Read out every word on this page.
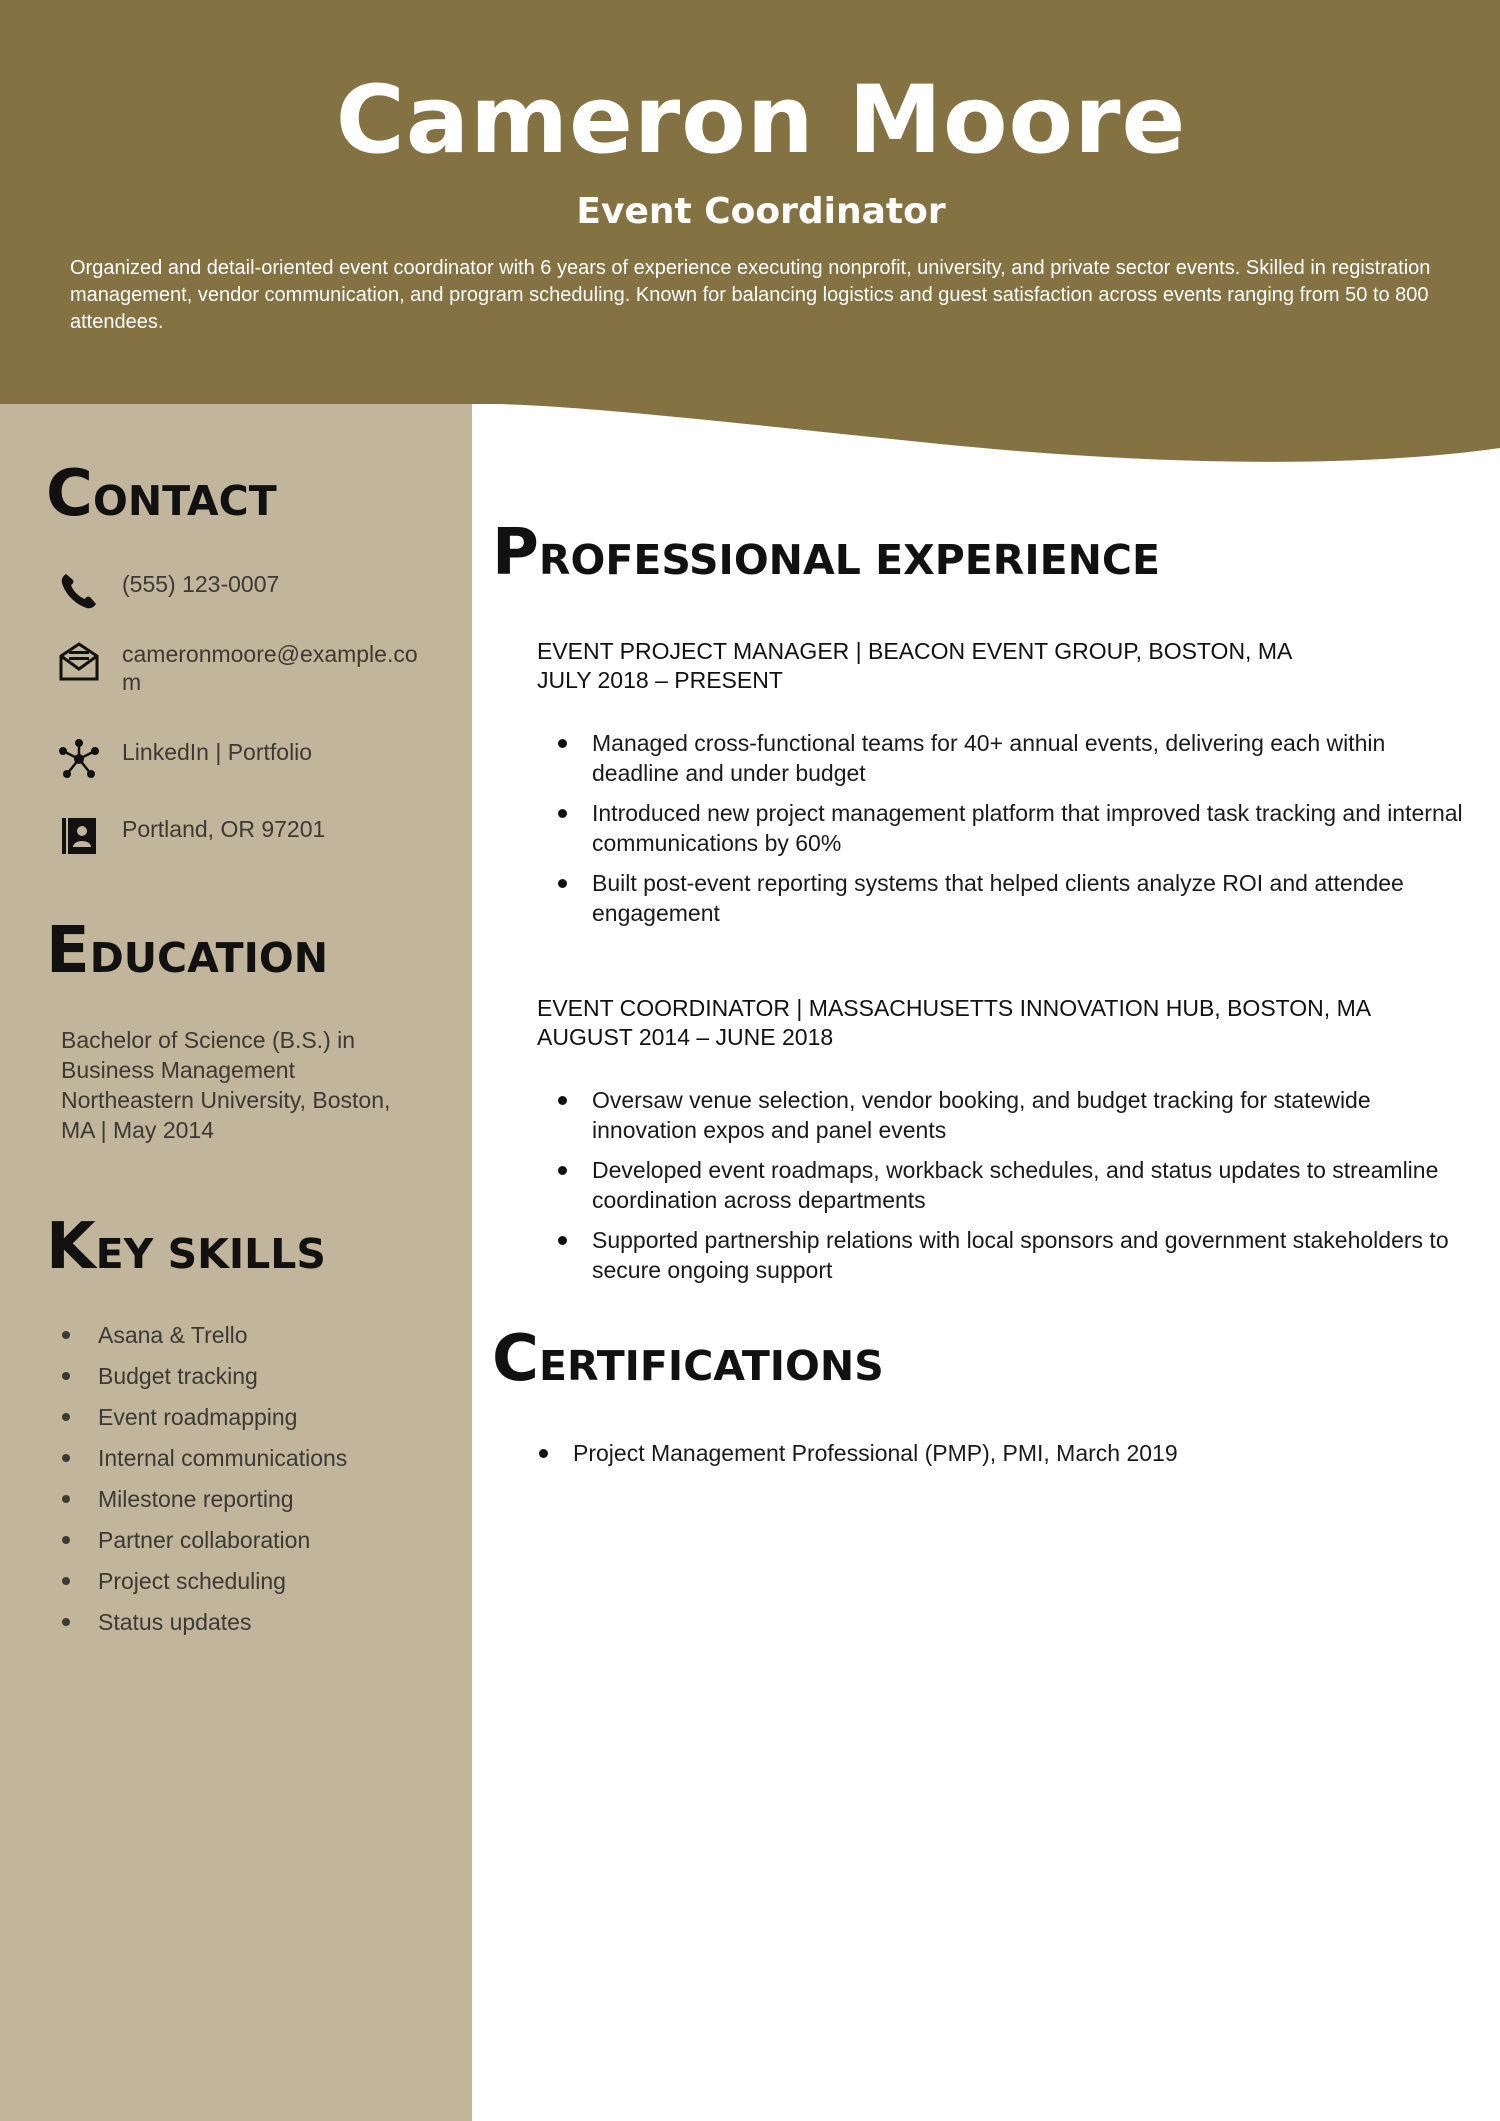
Cameron Moore
Event Coordinator
Organized and detail-oriented event coordinator with 6 years of experience executing nonprofit, university, and private sector events. Skilled in registration management, vendor communication, and program scheduling. Known for balancing logistics and guest satisfaction across events ranging from 50 to 800 attendees.
CONTACT
(555) 123-0007
cameronmoore@example.com
LinkedIn | Portfolio
Portland, OR 97201
EDUCATION
Bachelor of Science (B.S.) in
Business Management
Northeastern University, Boston,
MA | May 2014
KEY SKILLS
Asana & Trello
Budget tracking
Event roadmapping
Internal communications
Milestone reporting
Partner collaboration
Project scheduling
Status updates
PROFESSIONAL EXPERIENCE
EVENT PROJECT MANAGER | BEACON EVENT GROUP, BOSTON, MA
JULY 2018 – PRESENT
Managed cross-functional teams for 40+ annual events, delivering each within deadline and under budget
Introduced new project management platform that improved task tracking and internal communications by 60%
Built post-event reporting systems that helped clients analyze ROI and attendee engagement
EVENT COORDINATOR | MASSACHUSETTS INNOVATION HUB, BOSTON, MA
AUGUST 2014 – JUNE 2018
Oversaw venue selection, vendor booking, and budget tracking for statewide innovation expos and panel events
Developed event roadmaps, workback schedules, and status updates to streamline coordination across departments
Supported partnership relations with local sponsors and government stakeholders to secure ongoing support
CERTIFICATIONS
Project Management Professional (PMP), PMI, March 2019
